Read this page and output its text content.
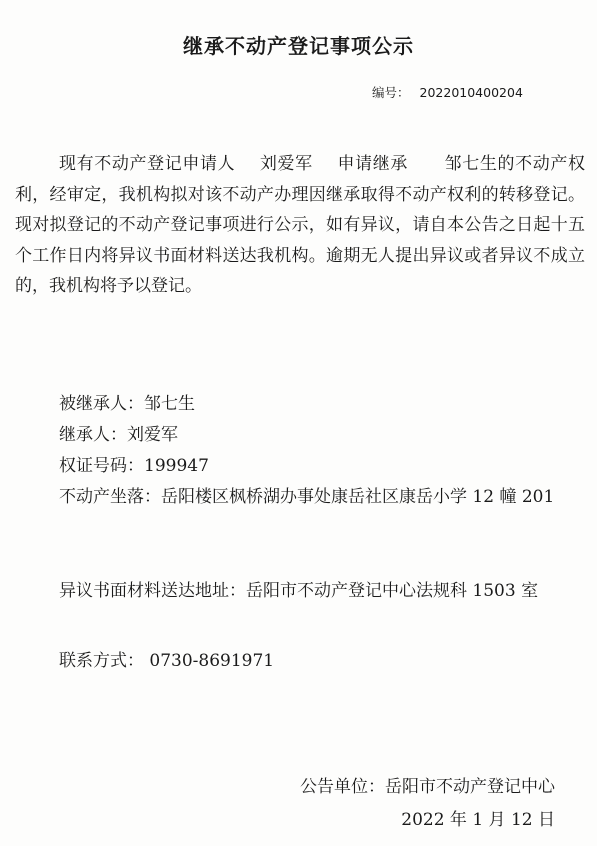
继承不动产登记事项公示
编号： 2022010400204

现有不动产登记申请人 刘爱军 申请继承 邹七生的不动产权利，经审定，我机构拟对该不动产办理因继承取得不动产权利的转移登记。现对拟登记的不动产登记事项进行公示，如有异议，请自本公告之日起十五个工作日内将异议书面材料送达我机构。逾期无人提出异议或者异议不成立的，我机构将予以登记。

被继承人：邹七生
继承人：刘爱军
权证号码：199947
不动产坐落：岳阳楼区枫桥湖办事处康岳社区康岳小学 12 幢 201
异议书面材料送达地址：岳阳市不动产登记中心法规科 1503 室
联系方式： 0730-8691971
公告单位：岳阳市不动产登记中心
2022 年 1 月 12 日
